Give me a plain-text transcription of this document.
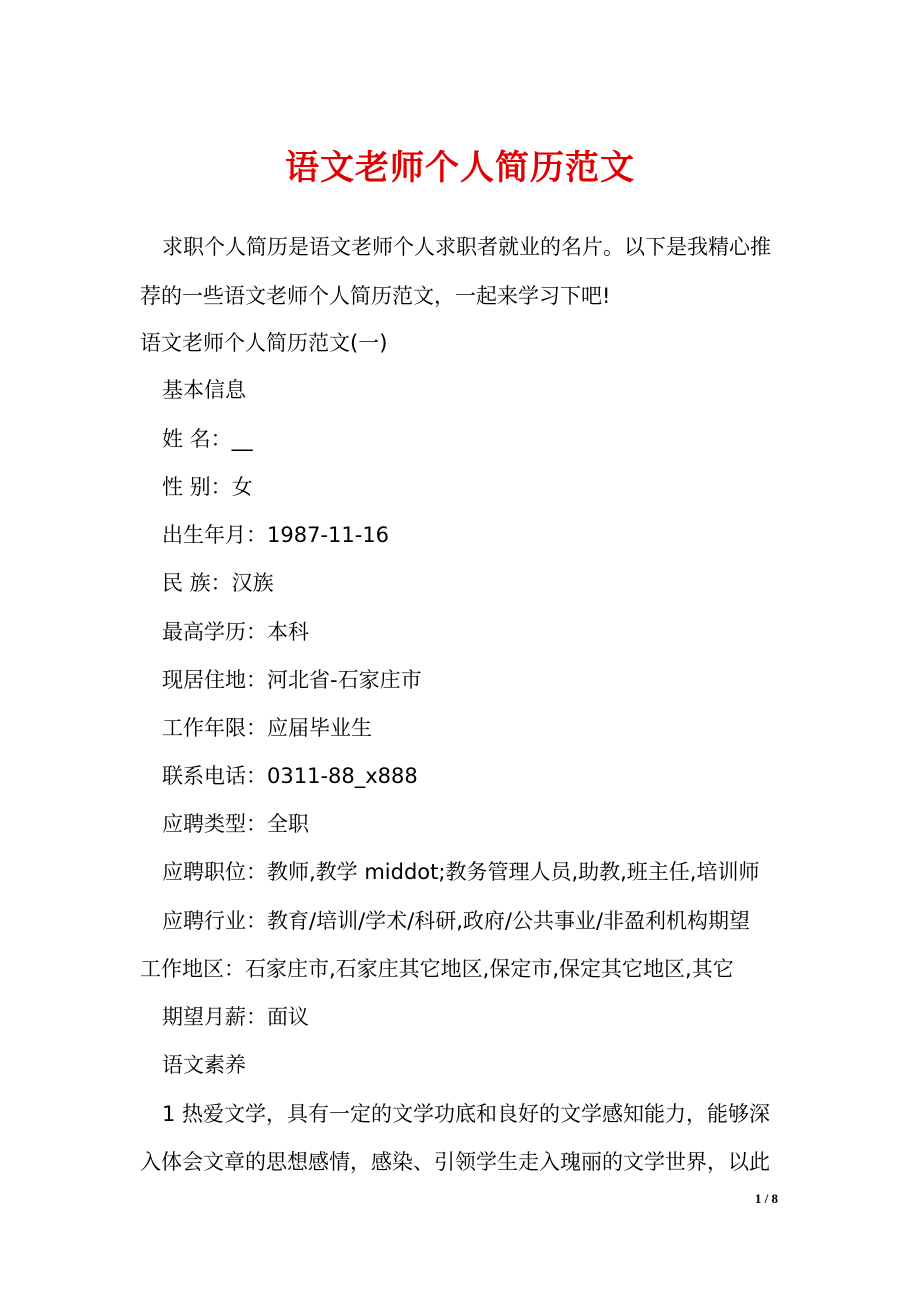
语文老师个人简历范文
求职个人简历是语文老师个人求职者就业的名片。以下是我精心推
荐的一些语文老师个人简历范文，一起来学习下吧!
语文老师个人简历范文(一)
基本信息
姓 名：__
性 别：女
出生年月：1987-11-16
民 族：汉族
最高学历：本科
现居住地：河北省-石家庄市
工作年限：应届毕业生
联系电话：0311-88_x888
应聘类型：全职
应聘职位：教师,教学 middot;教务管理人员,助教,班主任,培训师
应聘行业：教育/培训/学术/科研,政府/公共事业/非盈利机构期望
工作地区：石家庄市,石家庄其它地区,保定市,保定其它地区,其它
期望月薪：面议
语文素养
1 热爱文学，具有一定的文学功底和良好的文学感知能力，能够深
入体会文章的思想感情，感染、引领学生走入瑰丽的文学世界，以此
1 / 8
